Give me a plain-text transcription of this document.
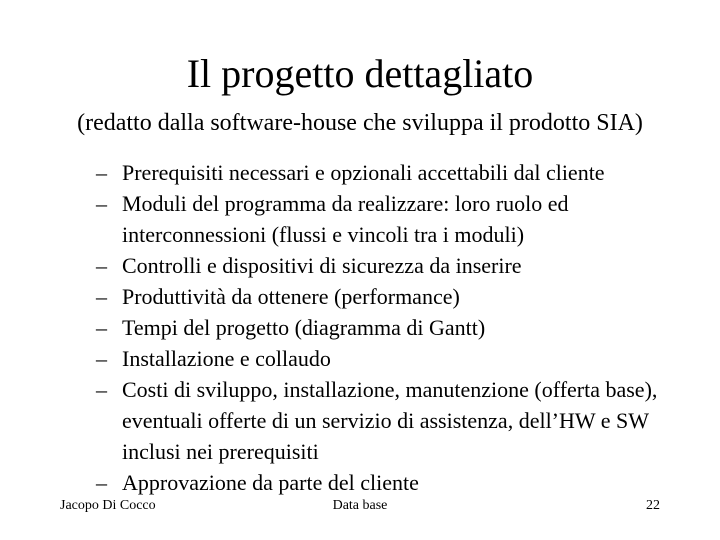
Il progetto dettagliato
(redatto dalla software-house che sviluppa il prodotto SIA)
– Prerequisiti necessari e opzionali accettabili dal cliente
– Moduli del programma da realizzare: loro ruolo ed interconnessioni (flussi e vincoli tra i moduli)
– Controlli e dispositivi di sicurezza da inserire
– Produttività da ottenere (performance)
– Tempi del progetto (diagramma di Gantt)
– Installazione e collaudo
– Costi di sviluppo, installazione, manutenzione (offerta base), eventuali offerte di un servizio di assistenza, dell’HW e SW inclusi nei prerequisiti
– Approvazione da parte del cliente
Jacopo Di Cocco	Data base	22
